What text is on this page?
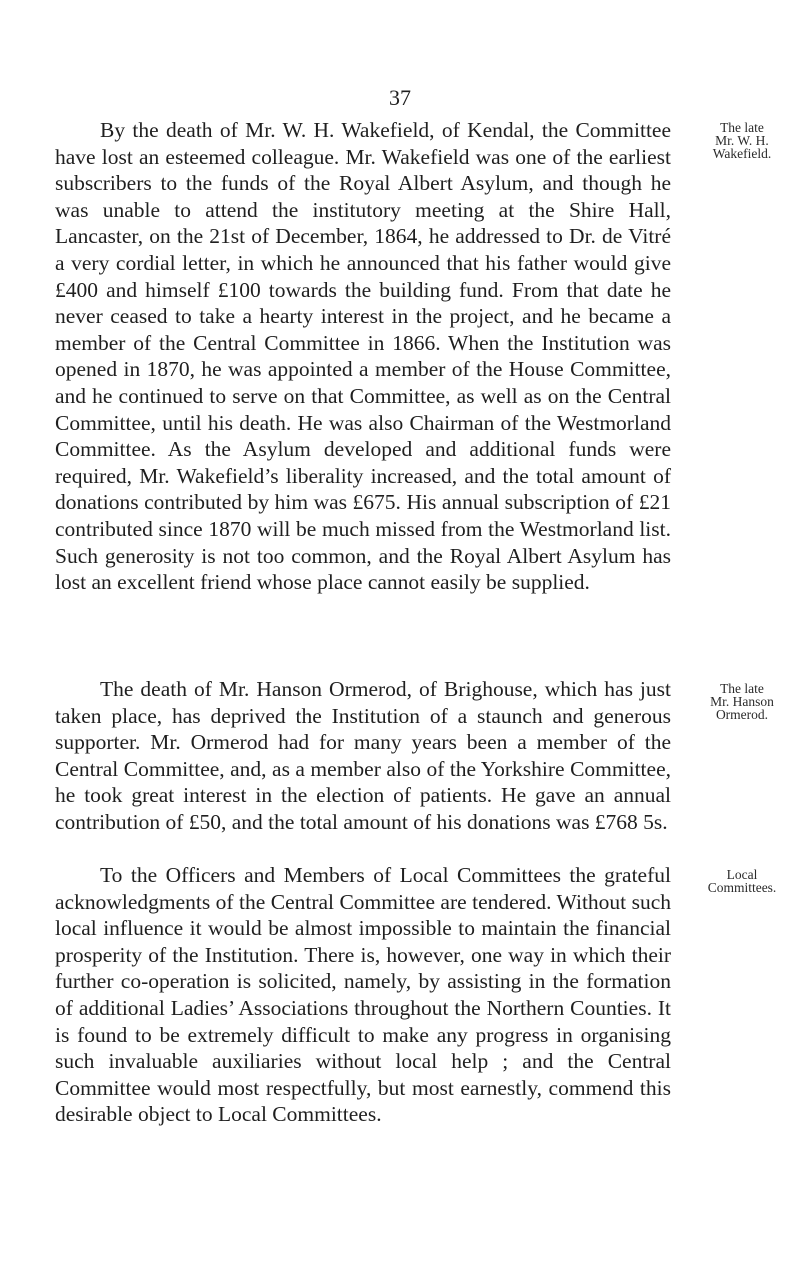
37

By the death of Mr. W. H. Wakefield, of Kendal, the Committee have lost an esteemed colleague. Mr. Wakefield was one of the earliest subscribers to the funds of the Royal Albert Asylum, and though he was unable to attend the institutory meeting at the Shire Hall, Lancaster, on the 21st of December, 1864, he addressed to Dr. de Vitré a very cordial letter, in which he announced that his father would give £400 and himself £100 towards the building fund. From that date he never ceased to take a hearty interest in the project, and he became a member of the Central Committee in 1866. When the Institution was opened in 1870, he was appointed a member of the House Committee, and he continued to serve on that Committee, as well as on the Central Committee, until his death. He was also Chairman of the Westmorland Committee. As the Asylum developed and additional funds were required, Mr. Wakefield’s liberality increased, and the total amount of donations contributed by him was £675. His annual subscription of £21 contributed since 1870 will be much missed from the Westmorland list. Such generosity is not too common, and the Royal Albert Asylum has lost an excellent friend whose place cannot easily be supplied.

The death of Mr. Hanson Ormerod, of Brighouse, which has just taken place, has deprived the Institution of a staunch and generous supporter. Mr. Ormerod had for many years been a member of the Central Committee, and, as a member also of the Yorkshire Committee, he took great interest in the election of patients. He gave an annual contribution of £50, and the total amount of his donations was £768 5s.

To the Officers and Members of Local Committees the grateful acknowledgments of the Central Committee are tendered. Without such local influence it would be almost impossible to maintain the financial prosperity of the Institution. There is, however, one way in which their further co-operation is solicited, namely, by assisting in the formation of additional Ladies’ Associations throughout the Northern Counties. It is found to be extremely difficult to make any progress in organising such invaluable auxiliaries without local help ; and the Central Committee would most respectfully, but most earnestly, commend this desirable object to Local Committees.

The late
Mr. W. H.
Wakefield.
The late
Mr. Hanson
Ormerod.
Local
Committees.
